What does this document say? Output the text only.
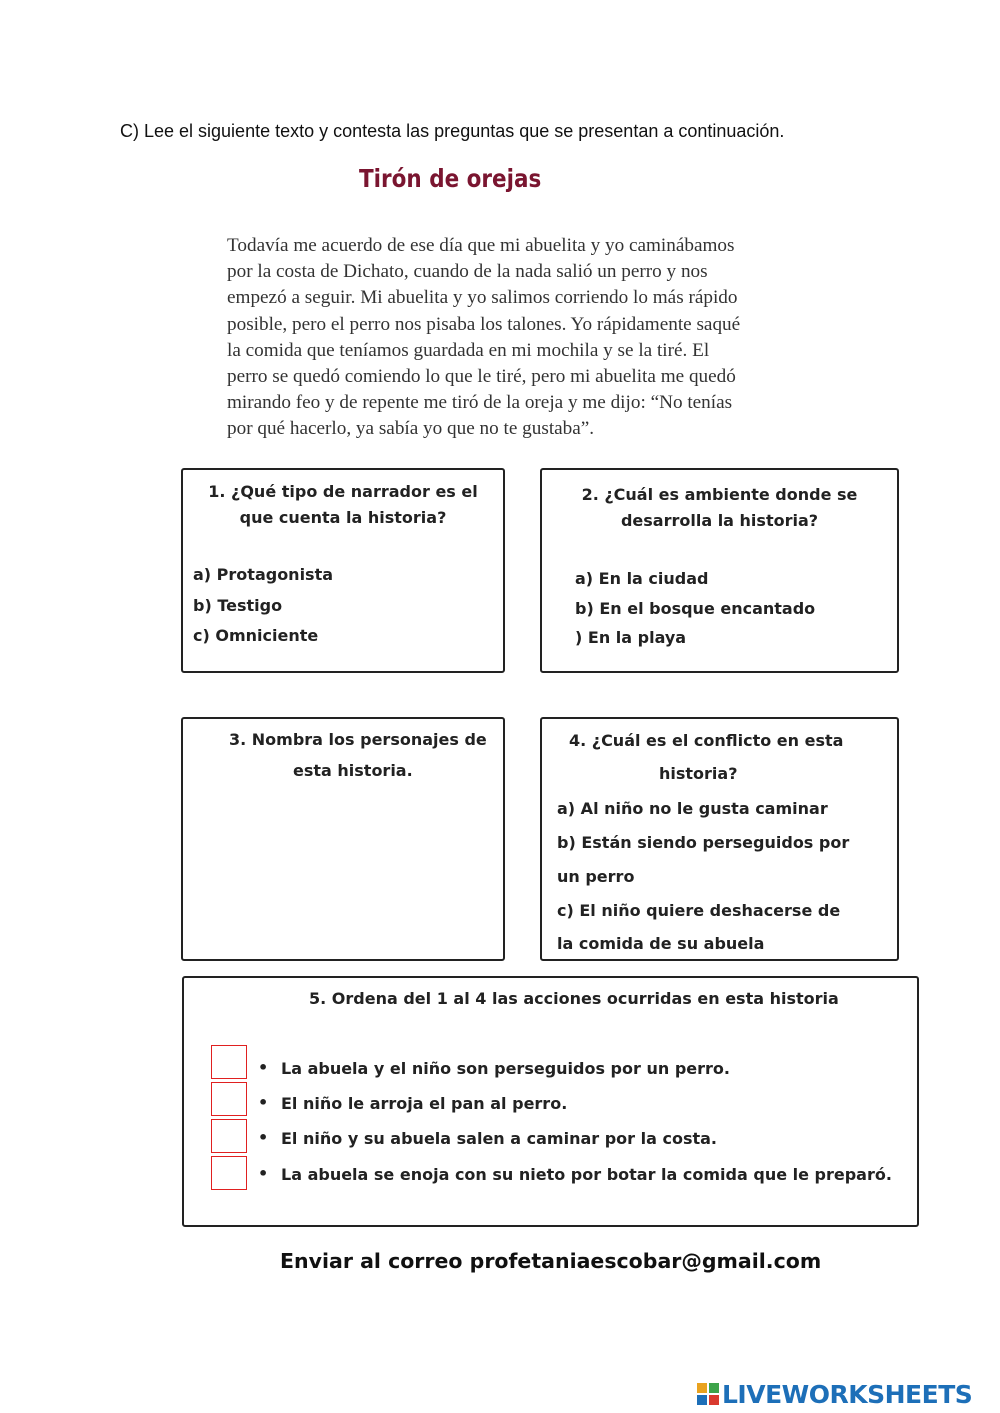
C) Lee el siguiente texto y contesta las preguntas que se presentan a continuación.
Tirón de orejas
Todavía me acuerdo de ese día que mi abuelita y yo caminábamos
por la costa de Dichato, cuando de la nada salió un perro y nos
empezó a seguir. Mi abuelita y yo salimos corriendo lo más rápido
posible, pero el perro nos pisaba los talones. Yo rápidamente saqué
la comida que teníamos guardada en mi mochila y se la tiré. El
perro se quedó comiendo lo que le tiré, pero mi abuelita me quedó
mirando feo y de repente me tiró de la oreja y me dijo: “No tenías
por qué hacerlo, ya sabía yo que no te gustaba”.
1. ¿Qué tipo de narrador es el
que cuenta la historia?
a) Protagonista
b) Testigo
c) Omniciente
2. ¿Cuál es ambiente donde se
desarrolla la historia?
a) En la ciudad
b) En el bosque encantado
) En la playa
3. Nombra los personajes de
esta historia.
4. ¿Cuál es el conflicto en esta
historia?
a) Al niño no le gusta caminar
b) Están siendo perseguidos por
un perro
c) El niño quiere deshacerse de
la comida de su abuela
5. Ordena del 1 al 4 las acciones ocurridas en esta historia
• La abuela y el niño son perseguidos por un perro.
• El niño le arroja el pan al perro.
• El niño y su abuela salen a caminar por la costa.
• La abuela se enoja con su nieto por botar la comida que le preparó.
Enviar al correo profetaniaescobar@gmail.com
LIVEWORKSHEETS
